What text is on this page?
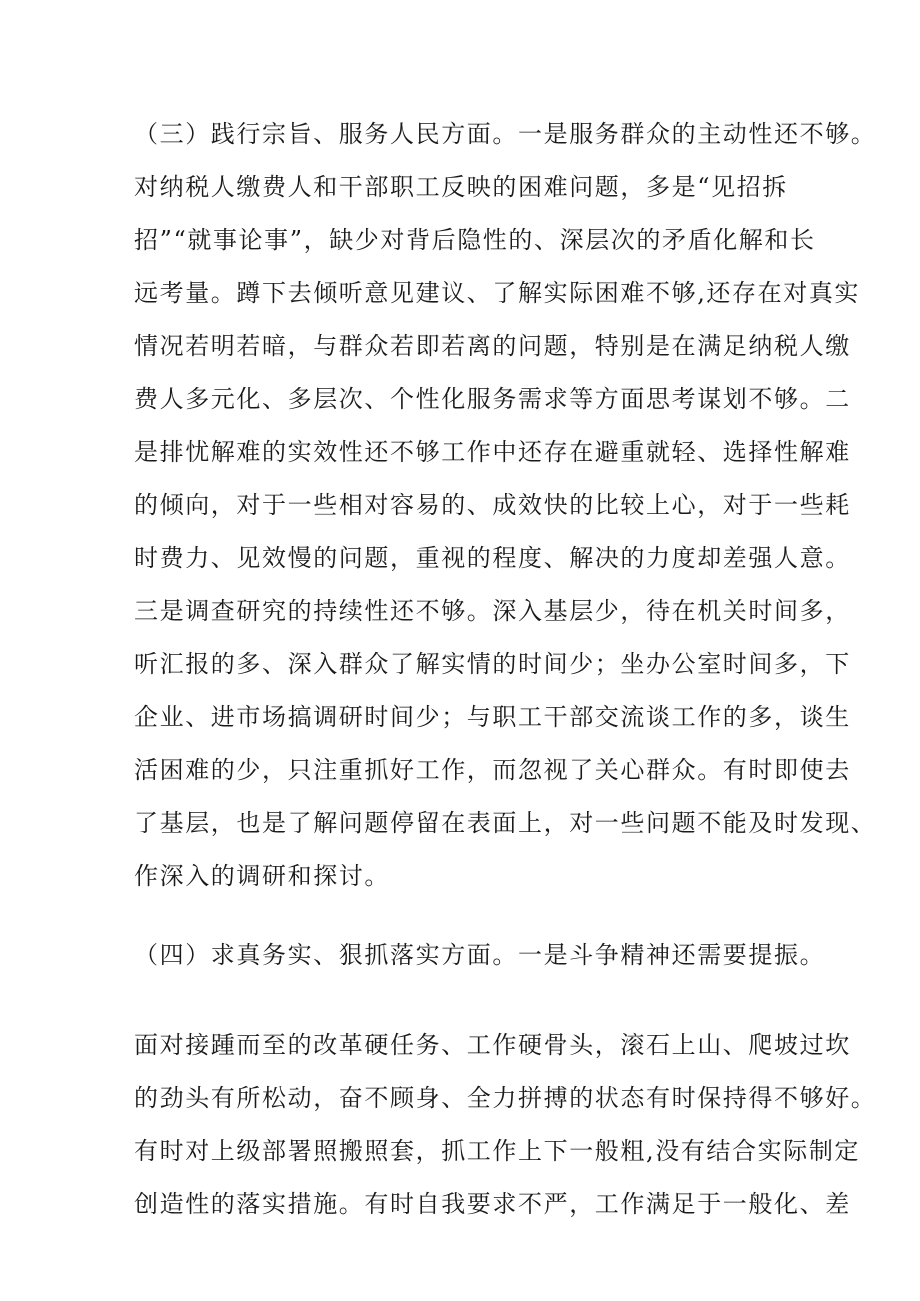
（三）践行宗旨、服务人民方面。一是服务群众的主动性还不够。
对纳税人缴费人和干部职工反映的困难问题，多是“见招拆
招”“就事论事”，缺少对背后隐性的、深层次的矛盾化解和长
远考量。蹲下去倾听意见建议、了解实际困难不够,还存在对真实
情况若明若暗，与群众若即若离的问题，特别是在满足纳税人缴
费人多元化、多层次、个性化服务需求等方面思考谋划不够。二
是排忧解难的实效性还不够工作中还存在避重就轻、选择性解难
的倾向，对于一些相对容易的、成效快的比较上心，对于一些耗
时费力、见效慢的问题，重视的程度、解决的力度却差强人意。
三是调查研究的持续性还不够。深入基层少，待在机关时间多，
听汇报的多、深入群众了解实情的时间少；坐办公室时间多，下
企业、进市场搞调研时间少；与职工干部交流谈工作的多，谈生
活困难的少，只注重抓好工作，而忽视了关心群众。有时即使去
了基层，也是了解问题停留在表面上，对一些问题不能及时发现、
作深入的调研和探讨。
（四）求真务实、狠抓落实方面。一是斗争精神还需要提振。
面对接踵而至的改革硬任务、工作硬骨头，滚石上山、爬坡过坎
的劲头有所松动，奋不顾身、全力拼搏的状态有时保持得不够好。
有时对上级部署照搬照套，抓工作上下一般粗,没有结合实际制定
创造性的落实措施。有时自我要求不严，工作满足于一般化、差
